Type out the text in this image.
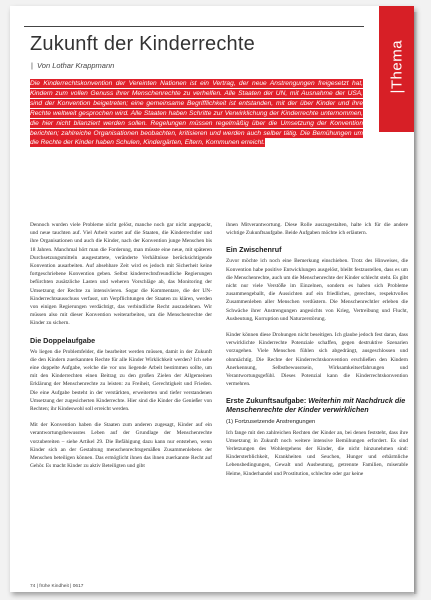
Zukunft der Kinderrechte
| Von Lothar Krappmann	|Thema

Die Kinderrechtskonvention der Vereinten Nationen ist ein Vertrag, der neue Anstrengungen freigesetzt hat, Kindern zum vollen Genuss ihrer Menschenrechte zu verhelfen. Alle Staaten der UN, mit Ausnahme der USA, sind der Konvention beigetreten; eine gemeinsame Begrifflichkeit ist entstanden, mit der über Kinder und ihre Rechte weltweit gesprochen wird. Alle Staaten haben Schritte zur Verwirklichung der Kinderrechte unternommen, die hier nicht bilanziert werden sollen. Regelungen müssen regelmäßig über die Umsetzung der Konvention berichten; zahlreiche Organisationen beobachten, kritisieren und werden auch selber tätig. Die Bemühungen um die Rechte der Kinder haben Schulen, Kindergärten, Eltern, Kommunen erreicht.

Dennoch wurden viele Probleme nicht gelöst, manche noch gar nicht angepackt, und neue tauchten auf. Viel Arbeit wartet auf die Staaten, die Kinderrechtler und ihre Organisationen und auch die Kinder, nach der Konvention junge Menschen bis 18 Jahren. Manchmal hört man die Forderung, man müsste eine neue, mit späteren Durchsetzungsmitteln ausgestattete, veränderte Verhältnisse berücksichtigende Konvention ausarbeiten. Auf absehbare Zeit wird es jedoch mit Sicherheit keine fortgeschriebene Konvention geben. Selbst kinderrechtsfreundliche Regierungen befürchten zusätzliche Lasten und weheren Vorschläge ab, das Monitoring der Umsetzung der Rechte zu intensivieren. Sogar die Kommentare, die der UN-Kinderrechtsausschuss verfasst, um Verpflichtungen der Staaten zu klären, werden von einigen Regierungen verdächtigt, das verbindliche Recht auszudehnen. Wir müssen also mit dieser Konvention weiterarbeiten, um die Menschenrechte der Kinder zu sichern.

Die Doppelaufgabe

Wo liegen die Problemfelder, die bearbeitet werden müssen, damit in der Zukunft die den Kindern zuerkannten Rechte für alle Kinder Wirklichkeit werden? Ich sehe eine doppelte Aufgabe, welche die vor uns liegende Arbeit bestimmen sollte, um mit den Kinderrechten einen Beitrag zu den großen Zielen der Allgemeinen Erklärung der Menschenrechte zu leisten: zu Freiheit, Gerechtigkeit und Frieden. Die eine Aufgabe besteht in der verstärkten, erweiterten und tiefer verstandenen Umsetzung der zugesicherten Kinderrechte. Hier sind die Kinder die Genießer von Rechten; ihr Kindeswohl soll erreicht werden.

Mit der Konvention haben die Staaten zum anderen zugesagt, Kinder auf ein verantwortungsbewusstes Leben auf der Grundlage der Menschenrechte vorzubereiten – siehe Artikel 29. Die Befähigung dazu kann nur entstehen, wenn Kinder sich an der Gestaltung menschenrechtsgemäßen Zusammenlebens der Menschen beteiligen können. Das ermöglicht ihnen das ihnen zuerkannte Recht auf Gehör. Es macht Kinder zu aktiv Beteiligten und gibt

ihnen Mitverantwortung. Diese Rolle auszugestalten, halte ich für die andere wichtige Zukunftsaufgabe. Beide Aufgaben möchte ich erläutern.

Ein Zwischenruf

Zuvor möchte ich noch eine Bemerkung einschieben. Trotz des Hinweises, die Konvention habe positive Entwicklungen ausgelöst, bleibt festzustellen, dass es um die Menschenrechte, auch um die Menschenrechte der Kinder schlecht steht. Es gibt nicht nur viele Verstöße im Einzelnen, sondern es haben sich Probleme zusammengeballt, die Aussichten auf ein friedliches, gerechtes, respektvolles Zusammenleben aller Menschen verdüstern. Die Menschenrechtler erleben die Schwäche ihrer Anstrengungen angesichts von Krieg, Vertreibung und Flucht, Ausbeutung, Korruption und Naturzerstörung.

Kinder können diese Drohungen nicht beseitigen. Ich glaube jedoch fest daran, dass verwirklichte Kinderrechte Potenziale schaffen, gegen destruktive Szenarien vorzugehen. Viele Menschen fühlen sich abgedrängt, ausgeschlossen und ohnmächtig. Die Rechte der Kinderrechtskonvention erschließen den Kindern Anerkennung, Selbstbewusstsein, Wirksamkeitserfahrungen und Verantwortungsgefühl. Dieses Potenzial kann die Kinderrechtskonvention vermehren.

Erste Zukunftsaufgabe: Weiterhin mit Nachdruck die Menschenrechte der Kinder verwirklichen
(1) Fortzusetzende Anstrengungen

Ich fange mit den zahlreichen Rechten der Kinder an, bei denen feststeht, dass ihre Umsetzung in Zukunft noch weitere intensive Bemühungen erfordert. Es sind Verletzungen des Wohlergehens der Kinder, die nicht hinzunehmen sind: Kindersterblichkeit, Krankheiten und Seuchen, Hunger und erbärmliche Lebensbedingungen, Gewalt und Ausbeutung, getrennte Familien, miserable Heime, Kinderhandel und Prostitution, schlechte oder gar keine

74 | frühe Kindheit | 0617
